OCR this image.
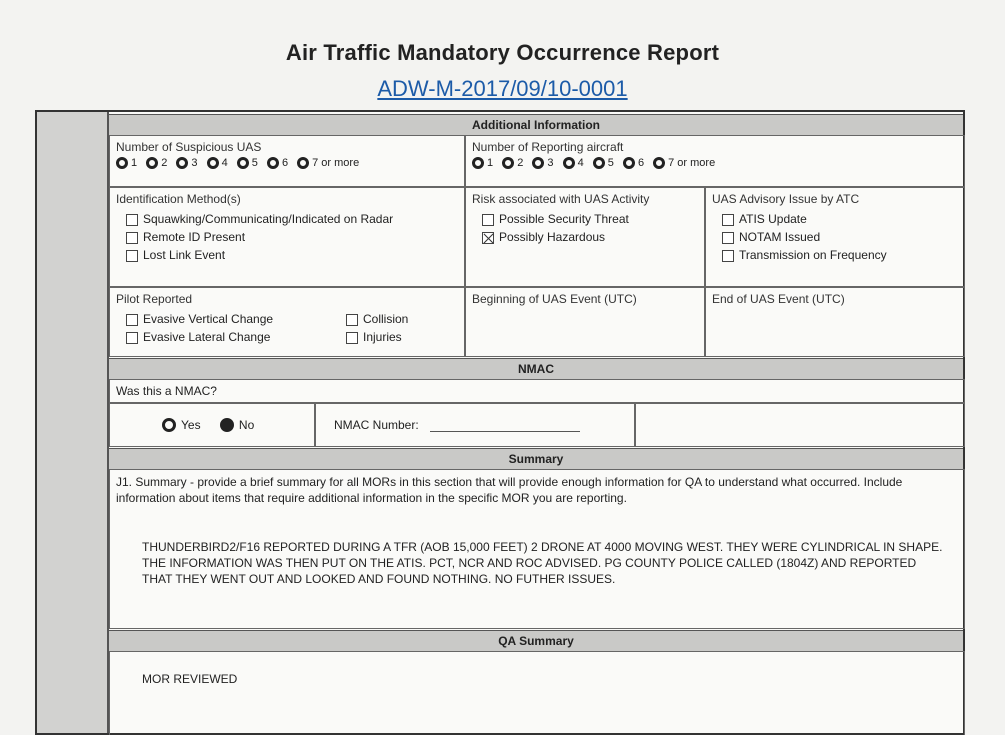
Air Traffic Mandatory Occurrence Report
ADW-M-2017/09/10-0001
Additional Information
Number of Suspicious UAS
1 2 3 4 5 6 7 or more
Number of Reporting aircraft
1 2 3 4 5 6 7 or more
Identification Method(s)
Squawking/Communicating/Indicated on Radar
Remote ID Present
Lost Link Event
Risk associated with UAS Activity
Possible Security Threat
Possibly Hazardous
UAS Advisory Issue by ATC
ATIS Update
NOTAM Issued
Transmission on Frequency
Pilot Reported
Evasive Vertical Change
Evasive Lateral Change
Collision
Injuries
Beginning of UAS Event (UTC)	End of UAS Event (UTC)
NMAC
Was this a NMAC?
Yes	No	NMAC Number:
Summary
J1. Summary - provide a brief summary for all MORs in this section that will provide enough information for QA to understand what occurred. Include information about items that require additional information in the specific MOR you are reporting.
THUNDERBIRD2/F16 REPORTED DURING A TFR (AOB 15,000 FEET) 2 DRONE AT 4000 MOVING WEST. THEY WERE CYLINDRICAL IN SHAPE. THE INFORMATION WAS THEN PUT ON THE ATIS. PCT, NCR AND ROC ADVISED. PG COUNTY POLICE CALLED (1804Z) AND REPORTED THAT THEY WENT OUT AND LOOKED AND FOUND NOTHING. NO FUTHER ISSUES.
QA Summary
MOR REVIEWED
